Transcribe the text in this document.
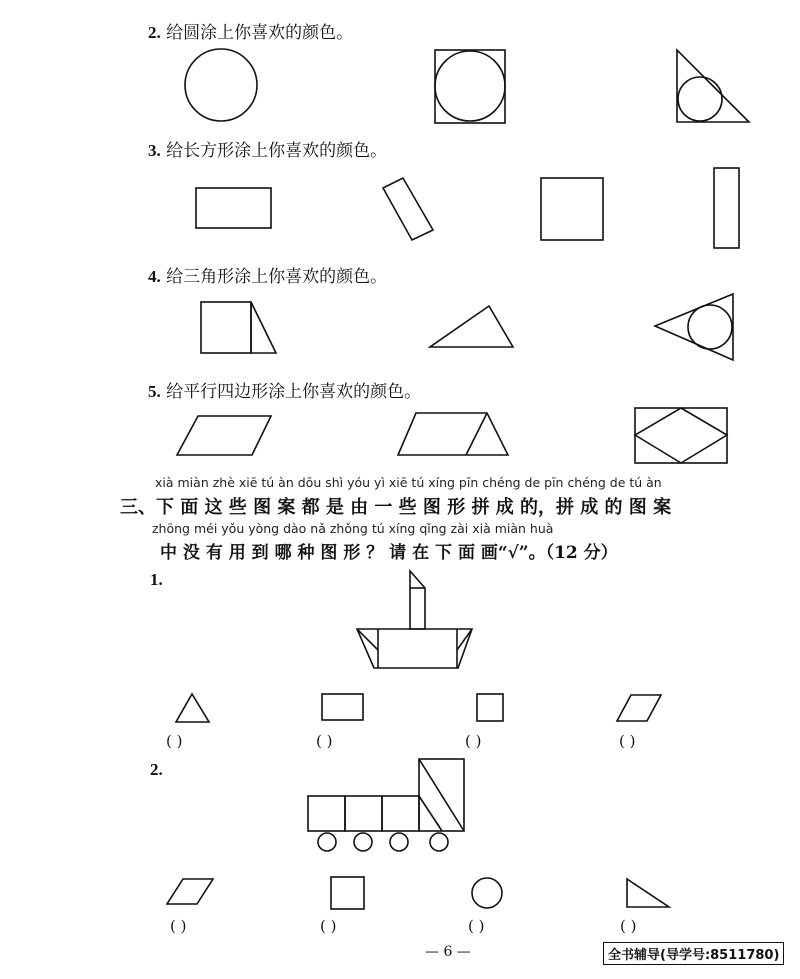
2. 给圆涂上你喜欢的颜色。
3. 给长方形涂上你喜欢的颜色。
4. 给三角形涂上你喜欢的颜色。
5. 给平行四边形涂上你喜欢的颜色。
xià miàn zhè xiē tú àn dōu shì yóu yì xiē tú xíng pīn chéng de pīn chéng de tú àn
三、下 面 这 些 图 案 都 是 由 一 些 图 形 拼 成 的，拼 成 的 图 案
zhōng méi yǒu yòng dào nǎ zhǒng tú xíng qǐng zài xià miàn huà
中 没 有 用 到 哪 种 图 形 ？ 请 在 下 面 画“√”。（12 分）
1.
( )	( )	( )	( )
2.
( )	( )	( )	( )
— 6 —	全书辅导(导学号:8511780)
